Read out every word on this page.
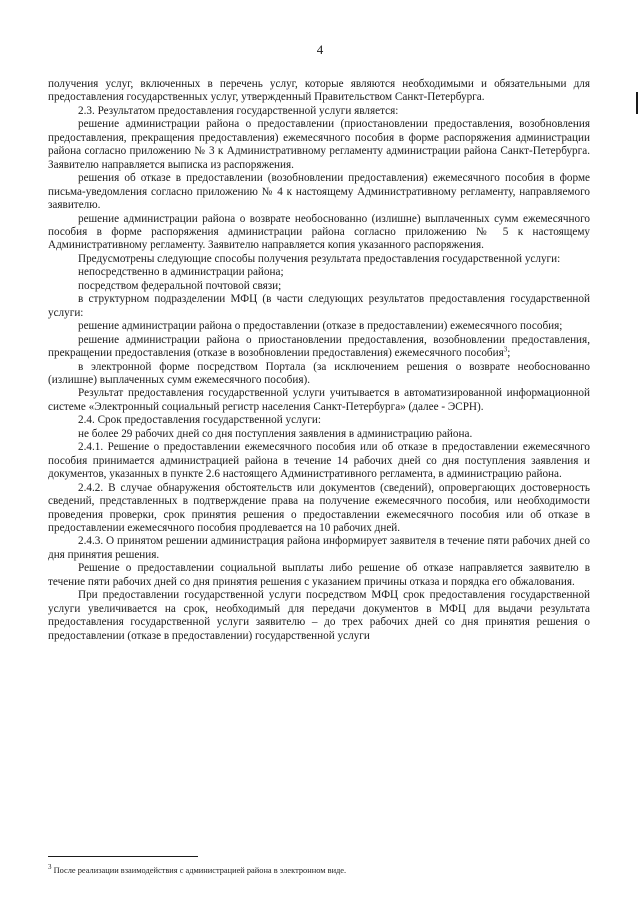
4

получения услуг, включенных в перечень услуг, которые являются необходимыми и обязательными для предоставления государственных услуг, утвержденный Правительством Санкт-Петербурга.

2.3. Результатом предоставления государственной услуги является:

решение администрации района о предоставлении (приостановлении предоставления, возобновления предоставления, прекращения предоставления) ежемесячного пособия в форме распоряжения администрации района согласно приложению № 3 к Административному регламенту администрации района Санкт-Петербурга. Заявителю направляется выписка из распоряжения.

решения об отказе в предоставлении (возобновлении предоставления) ежемесячного пособия в форме письма-уведомления согласно приложению № 4 к настоящему Административному регламенту, направляемого заявителю.

решение администрации района о возврате необоснованно (излишне) выплаченных сумм ежемесячного пособия в форме распоряжения администрации района согласно приложению № 5 к настоящему Административному регламенту. Заявителю направляется копия указанного распоряжения.

Предусмотрены следующие способы получения результата предоставления государственной услуги:

непосредственно в администрации района;

посредством федеральной почтовой связи;

в структурном подразделении МФЦ (в части следующих результатов предоставления государственной услуги:

решение администрации района о предоставлении (отказе в предоставлении) ежемесячного пособия;

решение администрации района о приостановлении предоставления, возобновлении предоставления, прекращении предоставления (отказе в возобновлении предоставления) ежемесячного пособия$^3$;

в электронной форме посредством Портала (за исключением решения о возврате необоснованно (излишне) выплаченных сумм ежемесячного пособия).

Результат предоставления государственной услуги учитывается в автоматизированной информационной системе «Электронный социальный регистр населения Санкт-Петербурга» (далее - ЭСРН).

2.4. Срок предоставления государственной услуги:

не более 29 рабочих дней со дня поступления заявления в администрацию района.

2.4.1. Решение о предоставлении ежемесячного пособия или об отказе в предоставлении ежемесячного пособия принимается администрацией района в течение 14 рабочих дней со дня поступления заявления и документов, указанных в пункте 2.6 настоящего Административного регламента, в администрацию района.

2.4.2. В случае обнаружения обстоятельств или документов (сведений), опровергающих достоверность сведений, представленных в подтверждение права на получение ежемесячного пособия, или необходимости проведения проверки, срок принятия решения о предоставлении ежемесячного пособия или об отказе в предоставлении ежемесячного пособия продлевается на 10 рабочих дней.

2.4.3. О принятом решении администрация района информирует заявителя в течение пяти рабочих дней со дня принятия решения.

Решение о предоставлении социальной выплаты либо решение об отказе направляется заявителю в течение пяти рабочих дней со дня принятия решения с указанием причины отказа и порядка его обжалования.

При предоставлении государственной услуги посредством МФЦ срок предоставления государственной услуги увеличивается на срок, необходимый для передачи документов в МФЦ для выдачи результата предоставления государственной услуги заявителю – до трех рабочих дней со дня принятия решения о предоставлении (отказе в предоставлении) государственной услуги

$^3$ После реализации взаимодействия с администрацией района в электронном виде.
